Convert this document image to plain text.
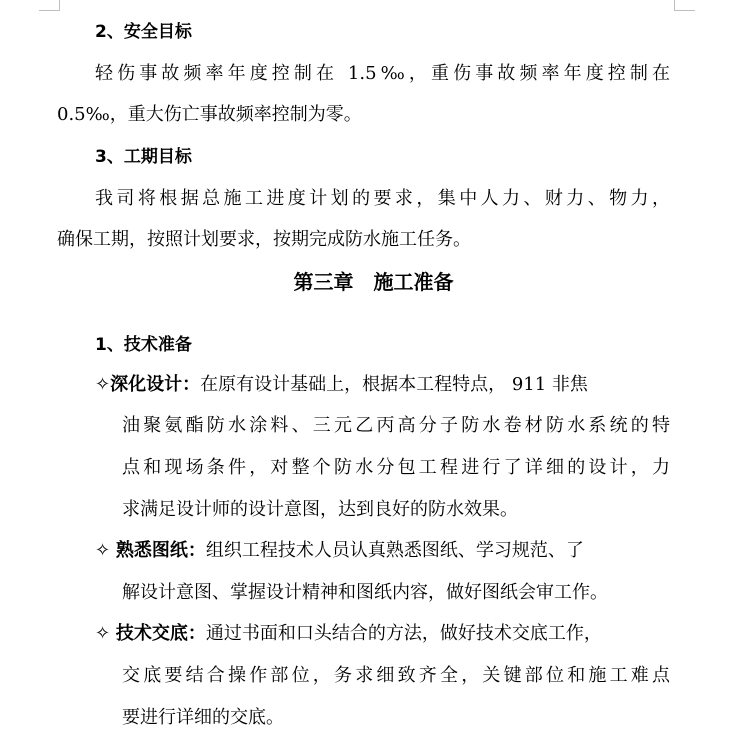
2、安全目标
轻伤事故频率年度控制在 1.5‰，重伤事故频率年度控制在
0.5‰，重大伤亡事故频率控制为零。
3、工期目标
我司将根据总施工进度计划的要求，集中人力、财力、物力，
确保工期，按照计划要求，按期完成防水施工任务。
第三章　施工准备
1、技术准备
✧深化设计：在原有设计基础上，根据本工程特点， 911 非焦
油聚氨酯防水涂料、三元乙丙高分子防水卷材防水系统的特
点和现场条件，对整个防水分包工程进行了详细的设计，力
求满足设计师的设计意图，达到良好的防水效果。
✧ 熟悉图纸：组织工程技术人员认真熟悉图纸、学习规范、了
解设计意图、掌握设计精神和图纸内容，做好图纸会审工作。
✧ 技术交底：通过书面和口头结合的方法，做好技术交底工作，
交底要结合操作部位，务求细致齐全，关键部位和施工难点
要进行详细的交底。
